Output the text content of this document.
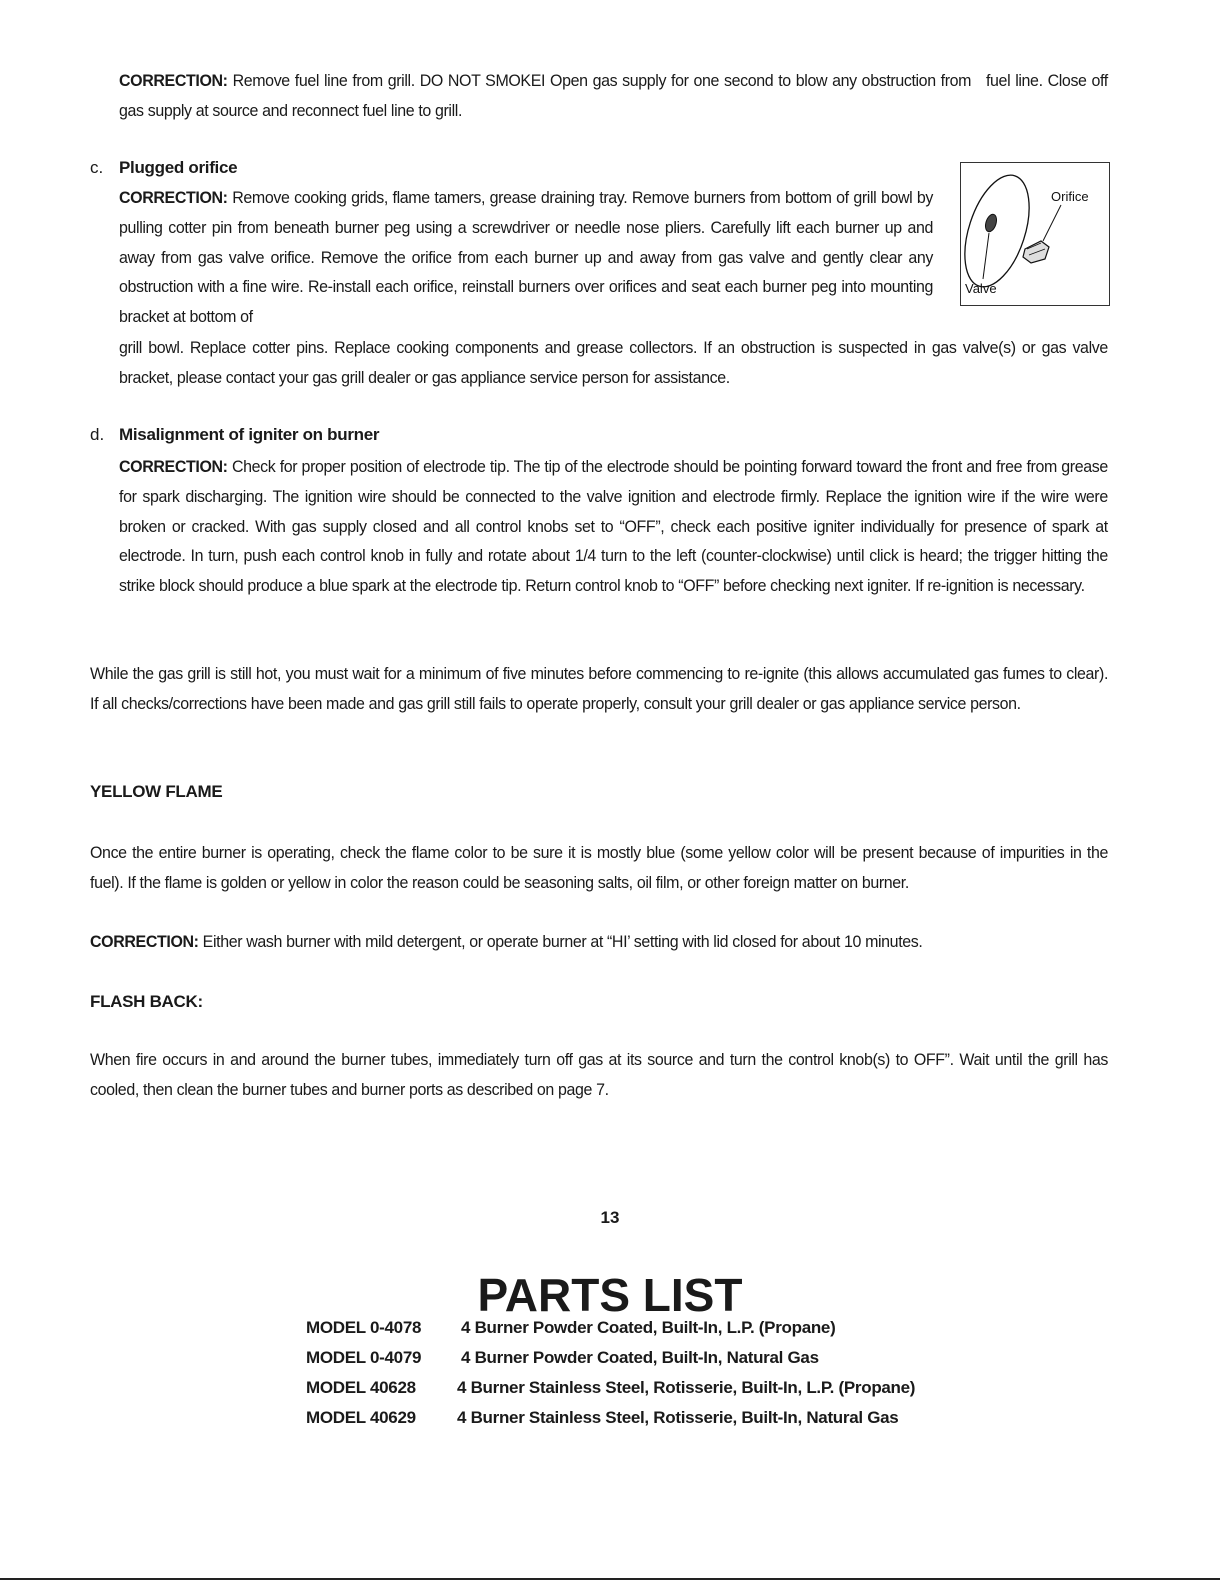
CORRECTION: Remove fuel line from grill. DO NOT SMOKEI Open gas supply for one second to blow any obstruction from   fuel line. Close off gas supply at source and reconnect fuel line to grill.
c. Plugged orifice
CORRECTION: Remove cooking grids, flame tamers, grease draining tray. Remove burners from bottom of grill bowl by pulling cotter pin from beneath burner peg using a screwdriver or needle nose pliers. Carefully lift each burner up and away from gas valve orifice. Remove the orifice from each burner up and away from gas valve and gently clear any obstruction with a fine wire. Re-install each orifice, reinstall burners over orifices and seat each burner peg into mounting bracket at bottom of
grill bowl. Replace cotter pins. Replace cooking components and grease collectors. If an obstruction is suspected in gas valve(s) or gas valve bracket, please contact your gas grill dealer or gas appliance service person for assistance.
Orifice
Valve
d. Misalignment of igniter on burner
CORRECTION: Check for proper position of electrode tip. The tip of the electrode should be pointing forward toward the front and free from grease for spark discharging. The ignition wire should be connected to the valve ignition and electrode firmly. Replace the ignition wire if the wire were broken or cracked. With gas supply closed and all control knobs set to “OFF”, check each positive igniter individually for presence of spark at electrode. In turn, push each control knob in fully and rotate about 1/4 turn to the left (counter-clockwise) until click is heard; the trigger hitting the strike block should produce a blue spark at the electrode tip. Return control knob to “OFF” before checking next igniter. If re-ignition is necessary.
While the gas grill is still hot, you must wait for a minimum of five minutes before commencing to re-ignite (this allows accumulated gas fumes to clear). If all checks/corrections have been made and gas grill still fails to operate properly, consult your grill dealer or gas appliance service person.
YELLOW FLAME
Once the entire burner is operating, check the flame color to be sure it is mostly blue (some yellow color will be present because of impurities in the fuel). If the flame is golden or yellow in color the reason could be seasoning salts, oil film, or other foreign matter on burner.
CORRECTION: Either wash burner with mild detergent, or operate burner at “HI’ setting with lid closed for about 10 minutes.
FLASH BACK:
When fire occurs in and around the burner tubes, immediately turn off gas at its source and turn the control knob(s) to OFF”. Wait until the grill has cooled, then clean the burner tubes and burner ports as described on page 7.
13
PARTS LIST
MODEL 0-4078 4 Burner Powder Coated, Built-In, L.P. (Propane)
MODEL 0-4079 4 Burner Powder Coated, Built-In, Natural Gas
MODEL 40628 4 Burner Stainless Steel, Rotisserie, Built-In, L.P. (Propane)
MODEL 40629 4 Burner Stainless Steel, Rotisserie, Built-In, Natural Gas
